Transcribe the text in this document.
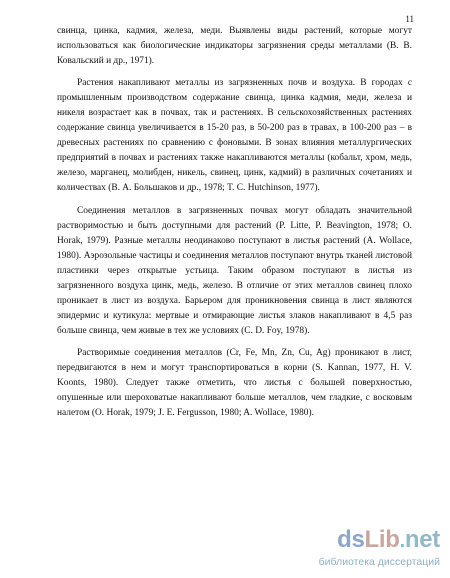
11

свинца, цинка, кадмия, железа, меди. Выявлены виды растений, которые могут использоваться как биологические индикаторы загрязнения среды металлами (В. В. Ковальский и др., 1971).

Растения накапливают металлы из загрязненных почв и воздуха. В городах с промышленным производством содержание свинца, цинка кадмия, меди, железа и никеля возрастает как в почвах, так и растениях. В сельскохозяйственных растениях содержание свинца увеличивается в 15-20 раз, в 50-200 раз в травах, в 100-200 раз – в древесных растениях по сравнению с фоновыми. В зонах влияния металлургических предприятий в почвах и растениях также накапливаются металлы (кобальт, хром, медь, железо, марганец, молибден, никель, свинец, цинк, кадмий) в различных сочетаниях и количествах (В. А. Большаков и др., 1978; T. C. Hutchinson, 1977).

Соединения металлов в загрязненных почвах могут обладать значительной растворимостью и быть доступными для растений (P. Litte, P. Beavington, 1978; O. Horak, 1979). Разные металлы неодинаково поступают в листья растений (A. Wollace, 1980). Аэрозольные частицы и соединения металлов поступают внутрь тканей листовой пластинки через открытые устьица. Таким образом поступают в листья из загрязненного воздуха цинк, медь, железо. В отличие от этих металлов свинец плохо проникает в лист из воздуха. Барьером для проникновения свинца в лист являются эпидермис и кутикула: мертвые и отмирающие листья злаков накапливают в 4,5 раз больше свинца, чем живые в тех же условиях (C. D. Foy, 1978).

Растворимые соединения металлов (Cr, Fe, Mn, Zn, Cu, Ag) проникают в лист, передвигаются в нем и могут транспортироваться в корни (S. Kannan, 1977, H. V. Koonts, 1980). Следует также отметить, что листья с большей поверхностью, опушенные или шероховатые накапливают больше металлов, чем гладкие, с восковым налетом (O. Horak, 1979; J. E. Fergusson, 1980; A. Wollace, 1980).

ds Lib . net
библиотека диссертаций
